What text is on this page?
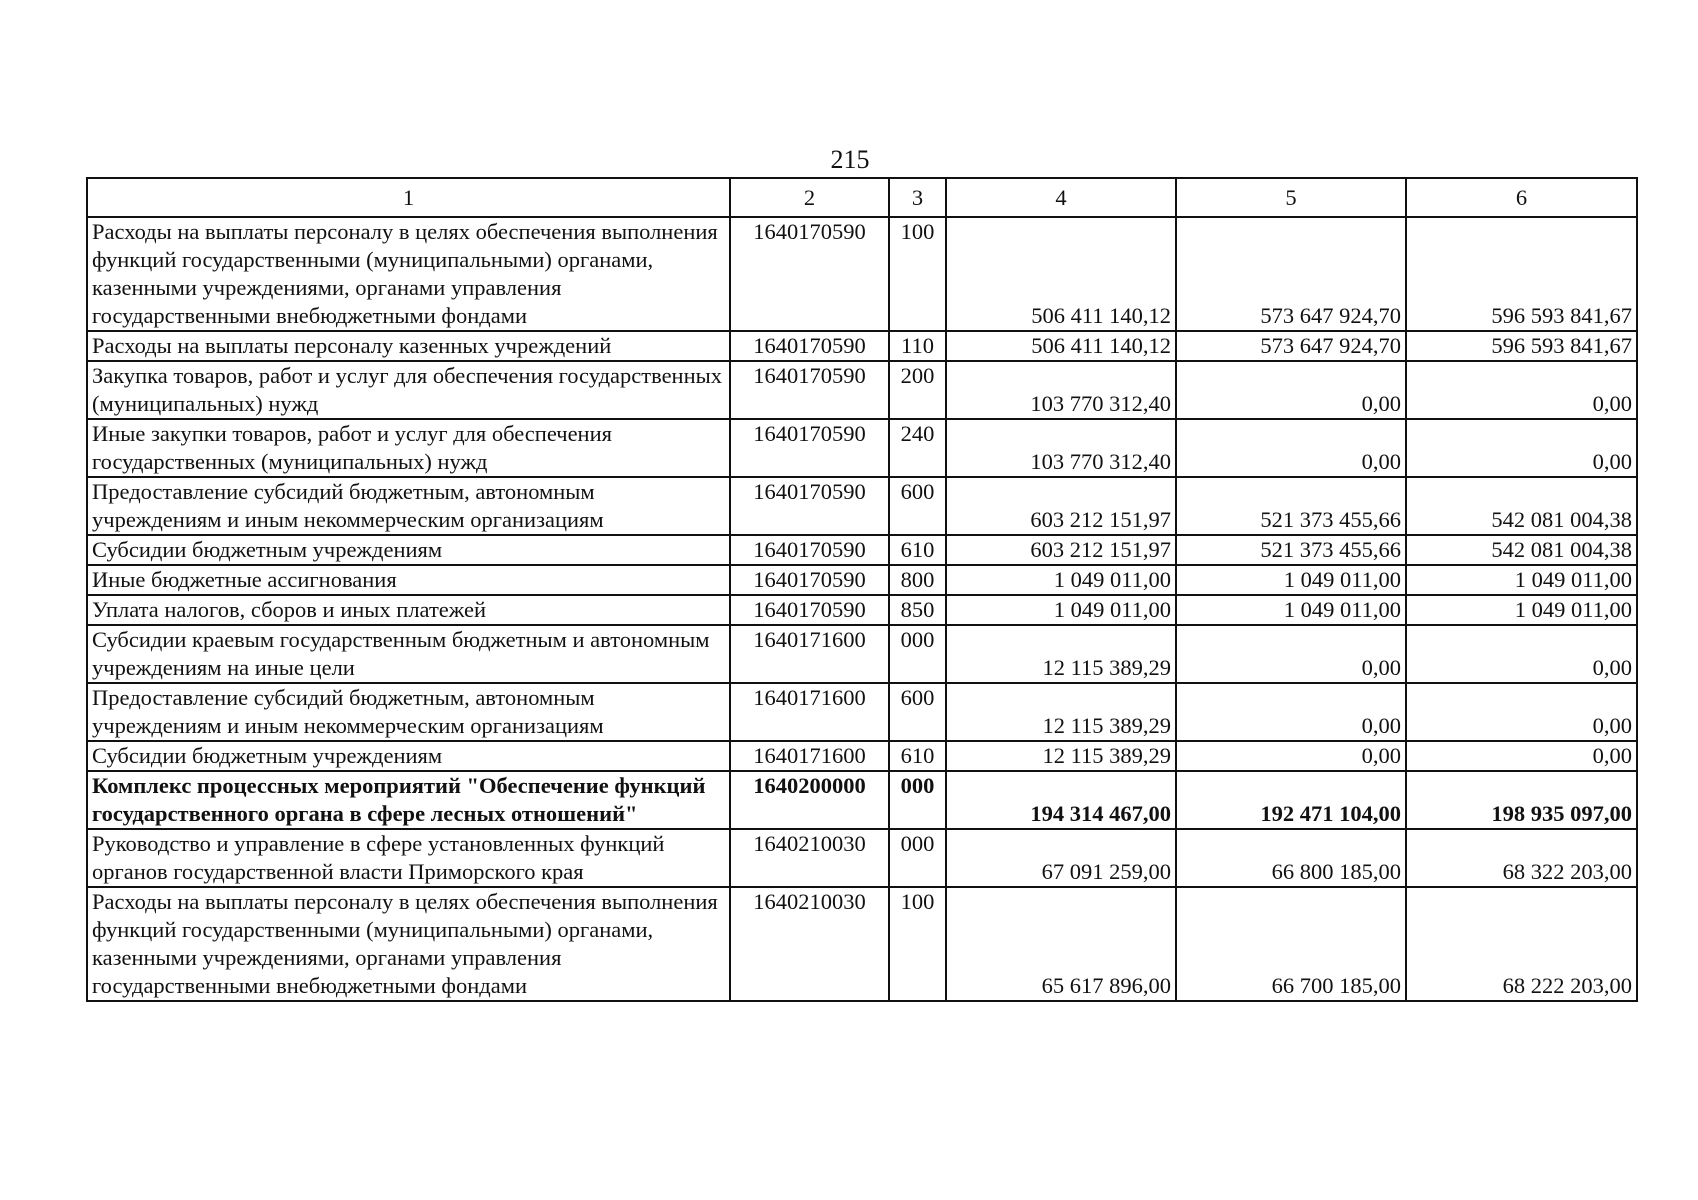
215
1	2	3	4	5	6
Расходы на выплаты персоналу в целях обеспечения выполнения функций государственными (муниципальными) органами, казенными учреждениями, органами управления государственными внебюджетными фондами	1640170590	100	506 411 140,12	573 647 924,70	596 593 841,67
Расходы на выплаты персоналу казенных учреждений	1640170590	110	506 411 140,12	573 647 924,70	596 593 841,67
Закупка товаров, работ и услуг для обеспечения государственных (муниципальных) нужд	1640170590	200	103 770 312,40	0,00	0,00
Иные закупки товаров, работ и услуг для обеспечения государственных (муниципальных) нужд	1640170590	240	103 770 312,40	0,00	0,00
Предоставление субсидий бюджетным, автономным учреждениям и иным некоммерческим организациям	1640170590	600	603 212 151,97	521 373 455,66	542 081 004,38
Субсидии бюджетным учреждениям	1640170590	610	603 212 151,97	521 373 455,66	542 081 004,38
Иные бюджетные ассигнования	1640170590	800	1 049 011,00	1 049 011,00	1 049 011,00
Уплата налогов, сборов и иных платежей	1640170590	850	1 049 011,00	1 049 011,00	1 049 011,00
Субсидии краевым государственным бюджетным и автономным учреждениям на иные цели	1640171600	000	12 115 389,29	0,00	0,00
Предоставление субсидий бюджетным, автономным учреждениям и иным некоммерческим организациям	1640171600	600	12 115 389,29	0,00	0,00
Субсидии бюджетным учреждениям	1640171600	610	12 115 389,29	0,00	0,00
Комплекс процессных мероприятий "Обеспечение функций государственного органа в сфере лесных отношений"	1640200000	000	194 314 467,00	192 471 104,00	198 935 097,00
Руководство и управление в сфере установленных функций органов государственной власти Приморского края	1640210030	000	67 091 259,00	66 800 185,00	68 322 203,00
Расходы на выплаты персоналу в целях обеспечения выполнения функций государственными (муниципальными) органами, казенными учреждениями, органами управления государственными внебюджетными фондами	1640210030	100	65 617 896,00	66 700 185,00	68 222 203,00
